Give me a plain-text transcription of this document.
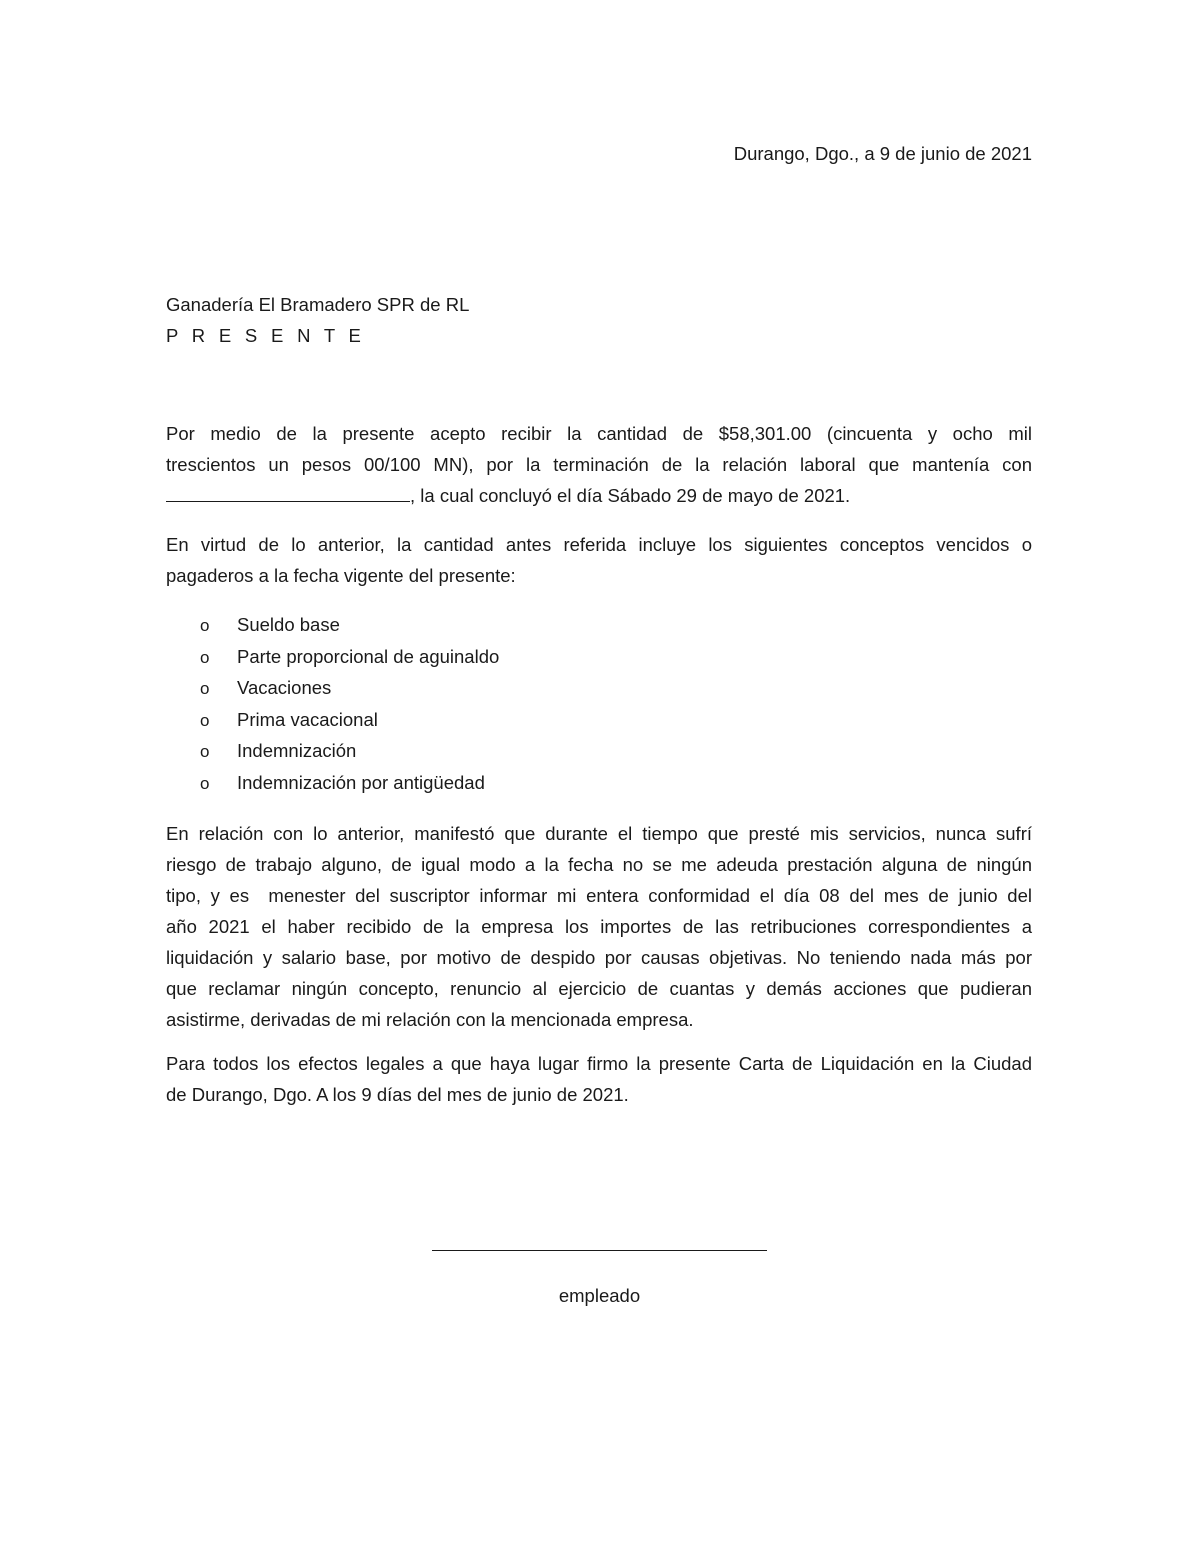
Durango, Dgo., a 9 de junio de 2021
Ganadería El Bramadero SPR de RL
P R E S E N T E
Por medio de la presente acepto recibir la cantidad de $58,301.00 (cincuenta y ocho mil
trescientos un pesos 00/100 MN), por la terminación de la relación laboral que mantenía con
, la cual concluyó el día Sábado 29 de mayo de 2021.
En virtud de lo anterior, la cantidad antes referida incluye los siguientes conceptos vencidos o
pagaderos a la fecha vigente del presente:
o Sueldo base
o Parte proporcional de aguinaldo
o Vacaciones
o Prima vacacional
o Indemnización
o Indemnización por antigüedad
En relación con lo anterior, manifestó que durante el tiempo que presté mis servicios, nunca sufrí
riesgo de trabajo alguno, de igual modo a la fecha no se me adeuda prestación alguna de ningún
tipo, y es  menester del suscriptor informar mi entera conformidad el día 08 del mes de junio del
año 2021 el haber recibido de la empresa los importes de las retribuciones correspondientes a
liquidación y salario base, por motivo de despido por causas objetivas. No teniendo nada más por
que reclamar ningún concepto, renuncio al ejercicio de cuantas y demás acciones que pudieran
asistirme, derivadas de mi relación con la mencionada empresa.
Para todos los efectos legales a que haya lugar firmo la presente Carta de Liquidación en la Ciudad
de Durango, Dgo. A los 9 días del mes de junio de 2021.
empleado
